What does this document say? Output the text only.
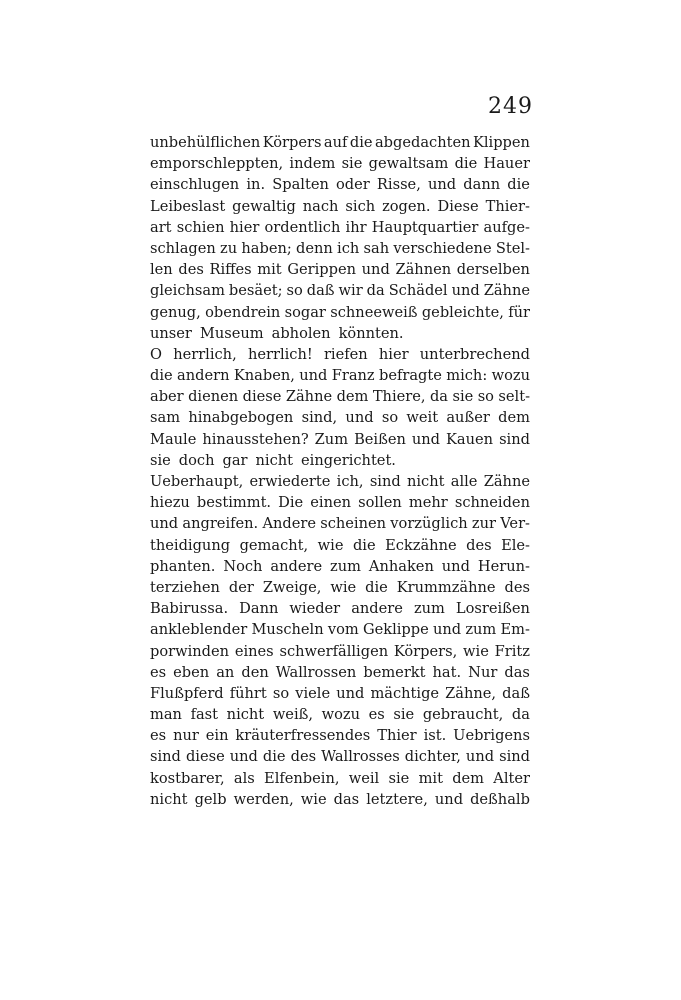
249
unbehülflichen Körpers auf die abgedachten Klippen
emporschleppten, indem sie gewaltsam die Hauer
einschlugen in. Spalten oder Risse, und dann die
Leibeslast gewaltig nach sich zogen. Diese Thier-
art schien hier ordentlich ihr Hauptquartier aufge-
schlagen zu haben; denn ich sah verschiedene Stel-
len des Riffes mit Gerippen und Zähnen derselben
gleichsam besäet; so daß wir da Schädel und Zähne
genug, obendrein sogar schneeweiß gebleichte, für
unser Museum abholen könnten.
O herrlich, herrlich! riefen hier unterbrechend
die andern Knaben, und Franz befragte mich: wozu
aber dienen diese Zähne dem Thiere, da sie so selt-
sam hinabgebogen sind, und so weit außer dem
Maule hinausstehen? Zum Beißen und Kauen sind
sie doch gar nicht eingerichtet.
Ueberhaupt, erwiederte ich, sind nicht alle Zähne
hiezu bestimmt. Die einen sollen mehr schneiden
und angreifen. Andere scheinen vorzüglich zur Ver-
theidigung gemacht, wie die Eckzähne des Ele-
phanten. Noch andere zum Anhaken und Herun-
terziehen der Zweige, wie die Krummzähne des
Babirussa. Dann wieder andere zum Losreißen
ankleblender Muscheln vom Geklippe und zum Em-
porwinden eines schwerfälligen Körpers, wie Fritz
es eben an den Wallrossen bemerkt hat. Nur das
Flußpferd führt so viele und mächtige Zähne, daß
man fast nicht weiß, wozu es sie gebraucht, da
es nur ein kräuterfressendes Thier ist. Uebrigens
sind diese und die des Wallrosses dichter, und sind
kostbarer, als Elfenbein, weil sie mit dem Alter
nicht gelb werden, wie das letztere, und deßhalb
